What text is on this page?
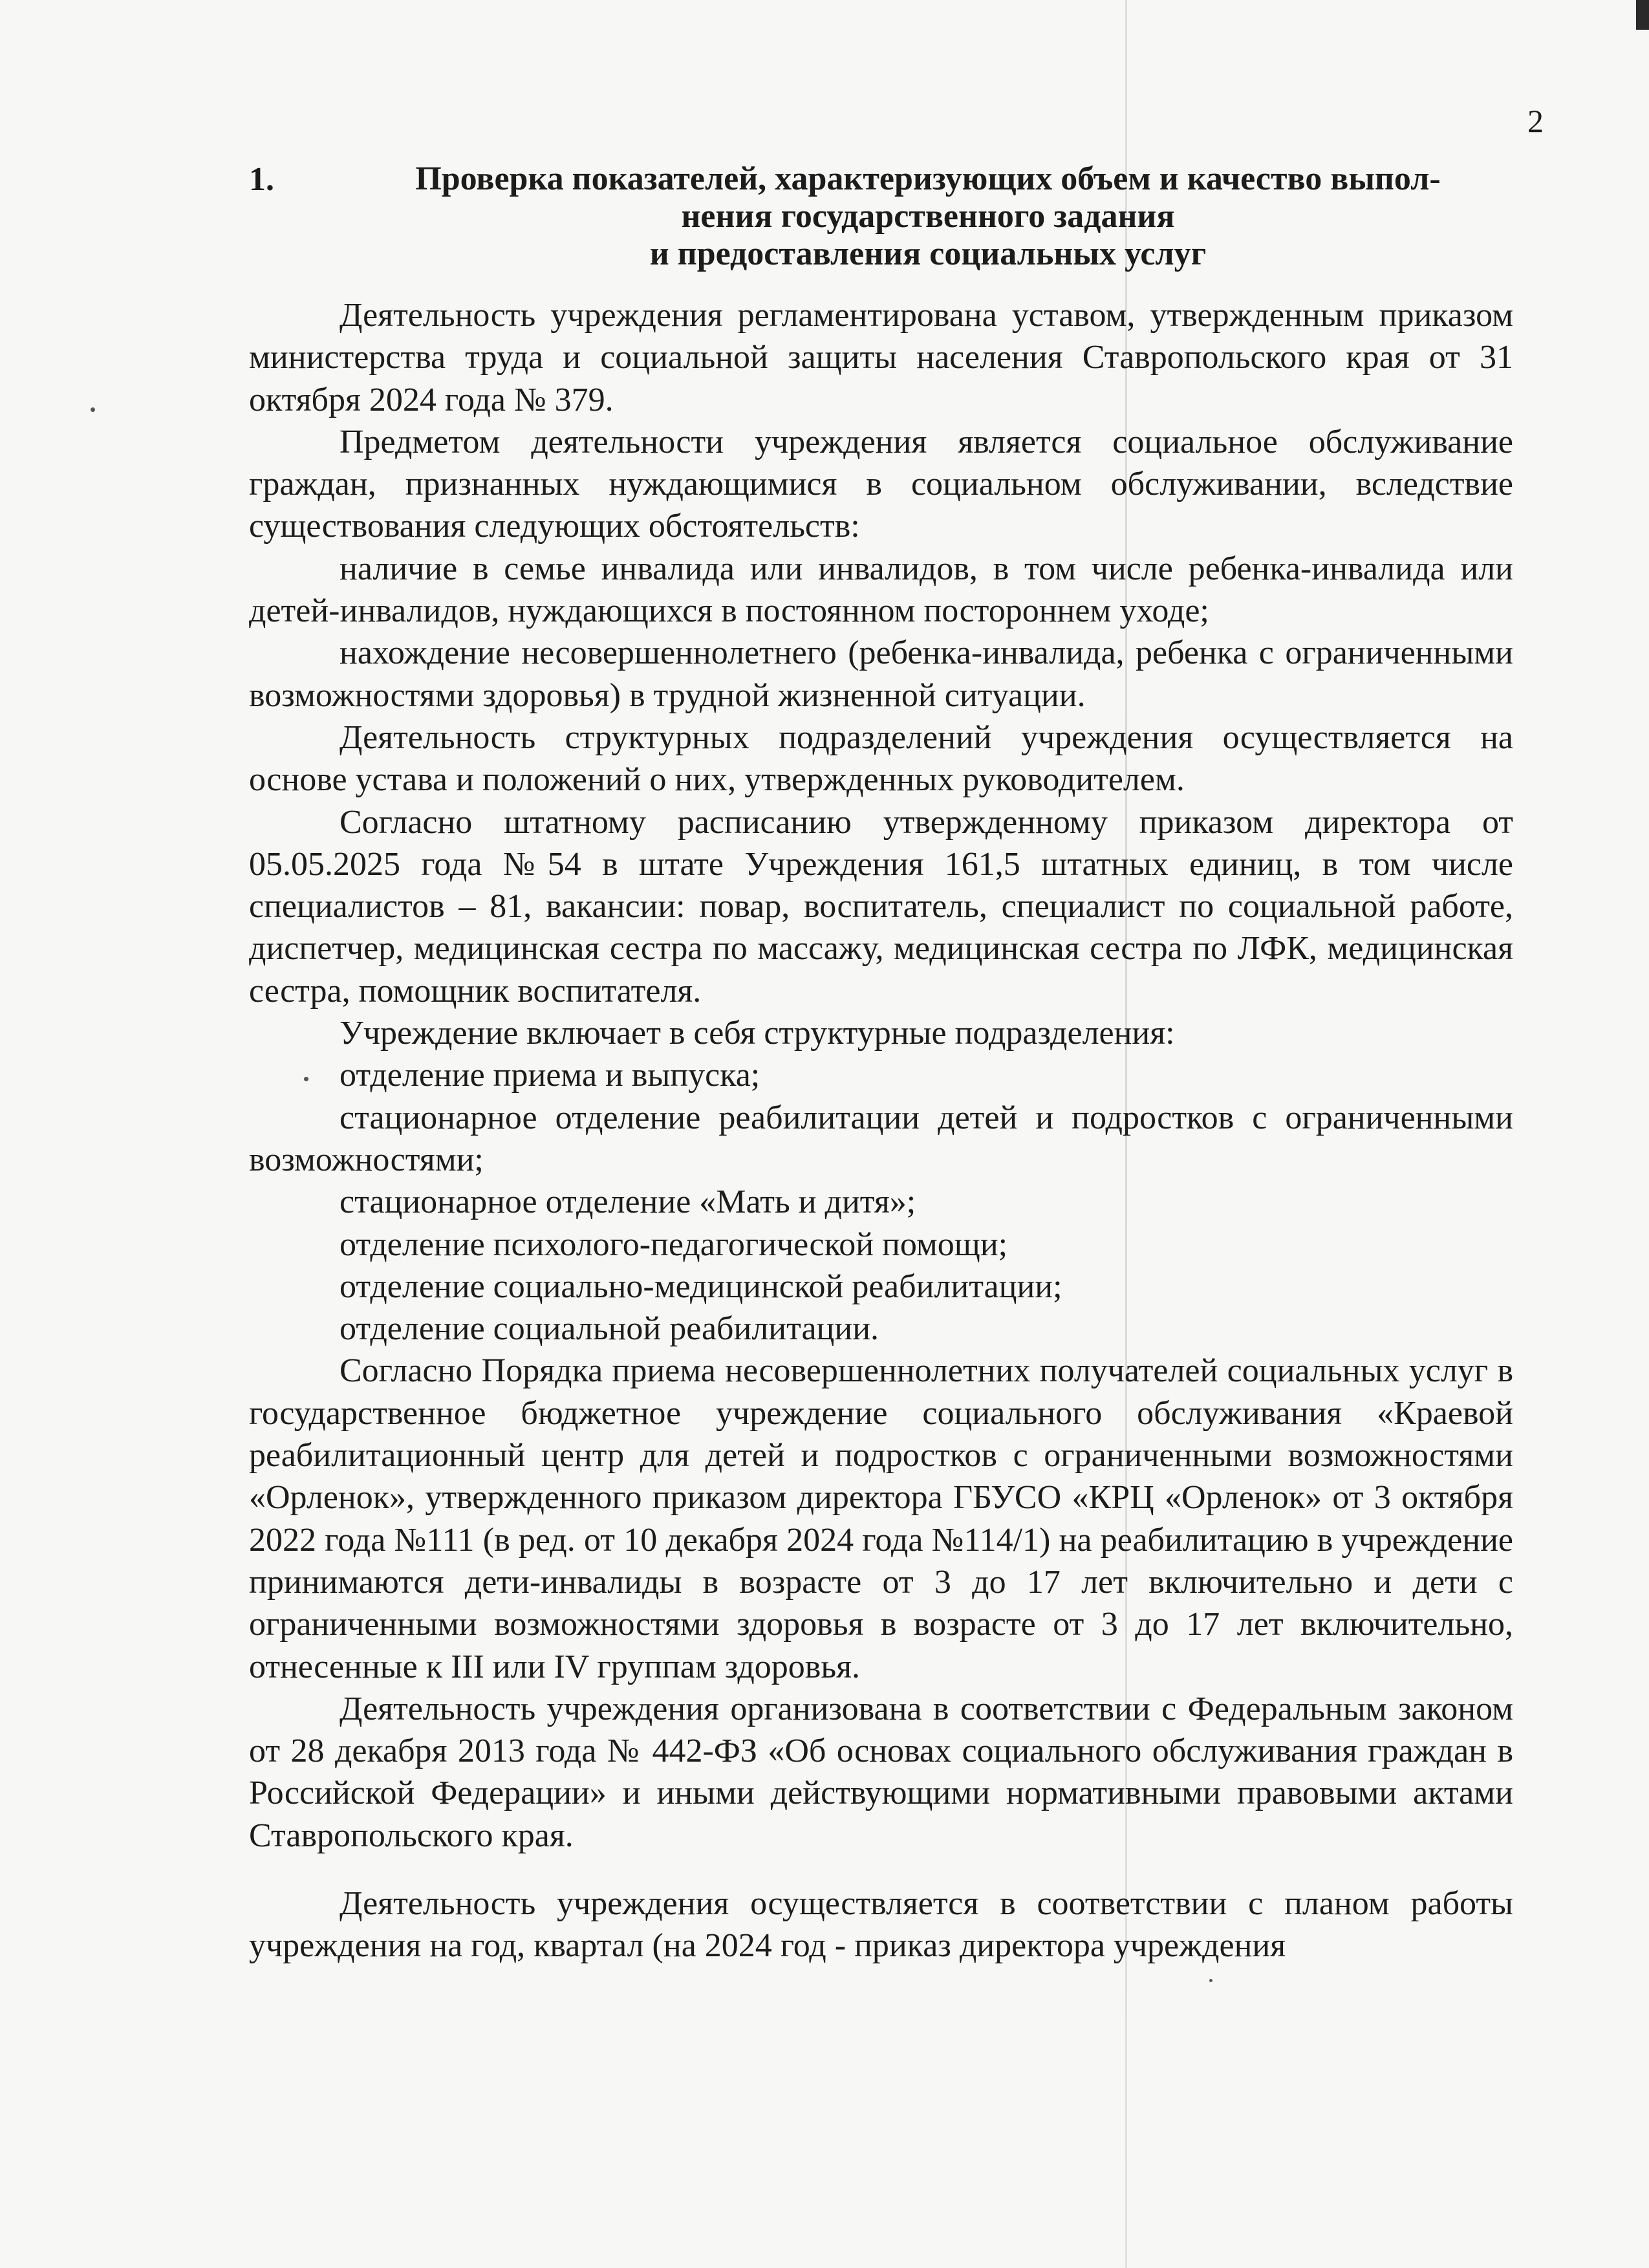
2
1.	Проверка показателей, характеризующих объем и качество выпол-
нения государственного задания
и предоставления социальных услуг

Деятельность учреждения регламентирована уставом, утвержденным приказом министерства труда и социальной защиты населения Ставропольского края от 31 октября 2024 года № 379.

Предметом деятельности учреждения является социальное обслуживание граждан, признанных нуждающимися в социальном обслуживании, вследствие существования следующих обстоятельств:

наличие в семье инвалида или инвалидов, в том числе ребенка-инвалида или детей-инвалидов, нуждающихся в постоянном постороннем уходе;

нахождение несовершеннолетнего (ребенка-инвалида, ребенка с ограниченными возможностями здоровья) в трудной жизненной ситуации.

Деятельность структурных подразделений учреждения осуществляется на основе устава и положений о них, утвержденных руководителем.

Согласно штатному расписанию утвержденному приказом директора от 05.05.2025 года №54 в штате Учреждения 161,5 штатных единиц, в том числе специалистов – 81, вакансии: повар, воспитатель, специалист по социальной работе, диспетчер, медицинская сестра по массажу, медицинская сестра по ЛФК, медицинская сестра, помощник воспитателя.

Учреждение включает в себя структурные подразделения:

отделение приема и выпуска;

стационарное отделение реабилитации детей и подростков с ограниченными возможностями;

стационарное отделение «Мать и дитя»;

отделение психолого-педагогической помощи;

отделение социально-медицинской реабилитации;

отделение социальной реабилитации.

Согласно Порядка приема несовершеннолетних получателей социальных услуг в государственное бюджетное учреждение социального обслуживания «Краевой реабилитационный центр для детей и подростков с ограниченными возможностями «Орленок», утвержденного приказом директора ГБУСО «КРЦ «Орленок» от 3 октября 2022 года №111 (в ред. от 10 декабря 2024 года №114/1) на реабилитацию в учреждение принимаются дети-инвалиды в возрасте от 3 до 17 лет включительно и дети с ограниченными возможностями здоровья в возрасте от 3 до 17 лет включительно, отнесенные к III или IV группам здоровья.

Деятельность учреждения организована в соответствии с Федеральным законом от 28 декабря 2013 года № 442-ФЗ «Об основах социального обслуживания граждан в Российской Федерации» и иными действующими нормативными правовыми актами Ставропольского края.

Деятельность учреждения осуществляется в соответствии с планом работы учреждения на год, квартал (на 2024 год - приказ директора учреждения
